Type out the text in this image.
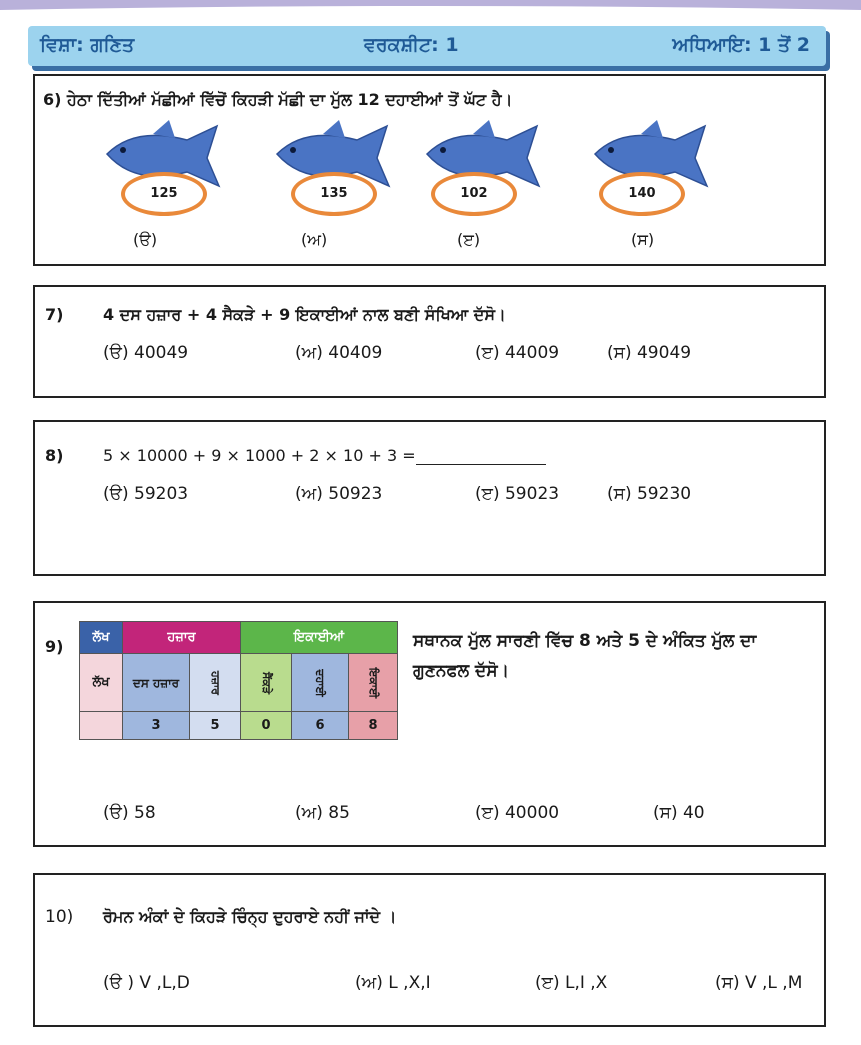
ਵਿਸ਼ਾ: ਗਣਿਤ	ਵਰਕਸ਼ੀਟ: 1	ਅਧਿਆਇ: 1 ਤੋਂ 2
6) ਹੇਠਾ ਦਿੱਤੀਆਂ ਮੱਛੀਆਂ ਵਿੱਚੋਂ ਕਿਹੜੀ ਮੱਛੀ ਦਾ ਮੁੱਲ 12 ਦਹਾਈਆਂ ਤੋਂ ਘੱਟ ਹੈ।
125
(ੳ)
135
(ਅ)
102
(ੲ)
140
(ਸ)
7) 4 ਦਸ ਹਜ਼ਾਰ + 4 ਸੈਕੜੇ + 9 ਇਕਾਈਆਂ ਨਾਲ ਬਣੀ ਸੰਖਿਆ ਦੱਸੋ।
(ੳ) 40049	(ਅ) 40409	(ੲ) 44009	(ਸ) 49049
8) 5 × 10000 + 9 × 1000 + 2 × 10 + 3 =
(ੳ) 59203	(ਅ) 50923	(ੲ) 59023	(ਸ) 59230
9) ਲੱਖ	ਹਜ਼ਾਰ		ਇਕਾਈਆਂ		
ਲੱਖ	ਦਸ ਹਜ਼ਾਰ	ਹਜ਼ਾਰ	ਸੈਂਕੜੇ	ਦਹਾਈ	ਇਕਾਈ
	3	5	0	6	8
ਸਥਾਨਕ ਮੁੱਲ ਸਾਰਣੀ ਵਿੱਚ 8 ਅਤੇ 5 ਦੇ ਅੰਕਿਤ ਮੁੱਲ ਦਾ
ਗੁਣਨਫਲ ਦੱਸੋ।
(ੳ) 58	(ਅ) 85	(ੲ) 40000	(ਸ) 40
10) ਰੋਮਨ ਅੰਕਾਂ ਦੇ ਕਿਹੜੇ ਚਿੰਨ੍ਹ ਦੁਹਰਾਏ ਨਹੀਂ ਜਾਂਦੇ ।
(ੳ ) V ,L,D	(ਅ) L ,X,I	(ੲ) L,I ,X	(ਸ) V ,L ,M
